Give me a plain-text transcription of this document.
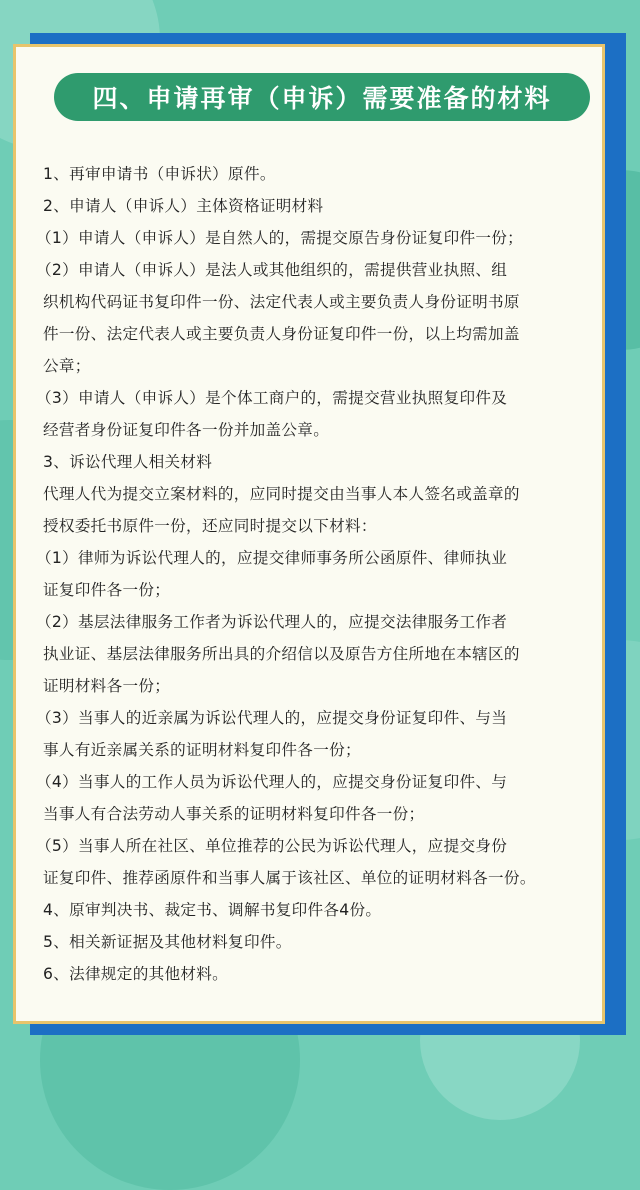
四、申请再审（申诉）需要准备的材料
1、再审申请书（申诉状）原件。
2、申请人（申诉人）主体资格证明材料
（1）申请人（申诉人）是自然人的，需提交原告身份证复印件一份；
（2）申请人（申诉人）是法人或其他组织的，需提供营业执照、组
织机构代码证书复印件一份、法定代表人或主要负责人身份证明书原
件一份、法定代表人或主要负责人身份证复印件一份，以上均需加盖
公章；
（3）申请人（申诉人）是个体工商户的，需提交营业执照复印件及
经营者身份证复印件各一份并加盖公章。
3、诉讼代理人相关材料
代理人代为提交立案材料的，应同时提交由当事人本人签名或盖章的
授权委托书原件一份，还应同时提交以下材料：
（1）律师为诉讼代理人的，应提交律师事务所公函原件、律师执业
证复印件各一份；
（2）基层法律服务工作者为诉讼代理人的，应提交法律服务工作者
执业证、基层法律服务所出具的介绍信以及原告方住所地在本辖区的
证明材料各一份；
（3）当事人的近亲属为诉讼代理人的，应提交身份证复印件、与当
事人有近亲属关系的证明材料复印件各一份；
（4）当事人的工作人员为诉讼代理人的，应提交身份证复印件、与
当事人有合法劳动人事关系的证明材料复印件各一份；
（5）当事人所在社区、单位推荐的公民为诉讼代理人，应提交身份
证复印件、推荐函原件和当事人属于该社区、单位的证明材料各一份。
4、原审判决书、裁定书、调解书复印件各4份。
5、相关新证据及其他材料复印件。
6、法律规定的其他材料。
